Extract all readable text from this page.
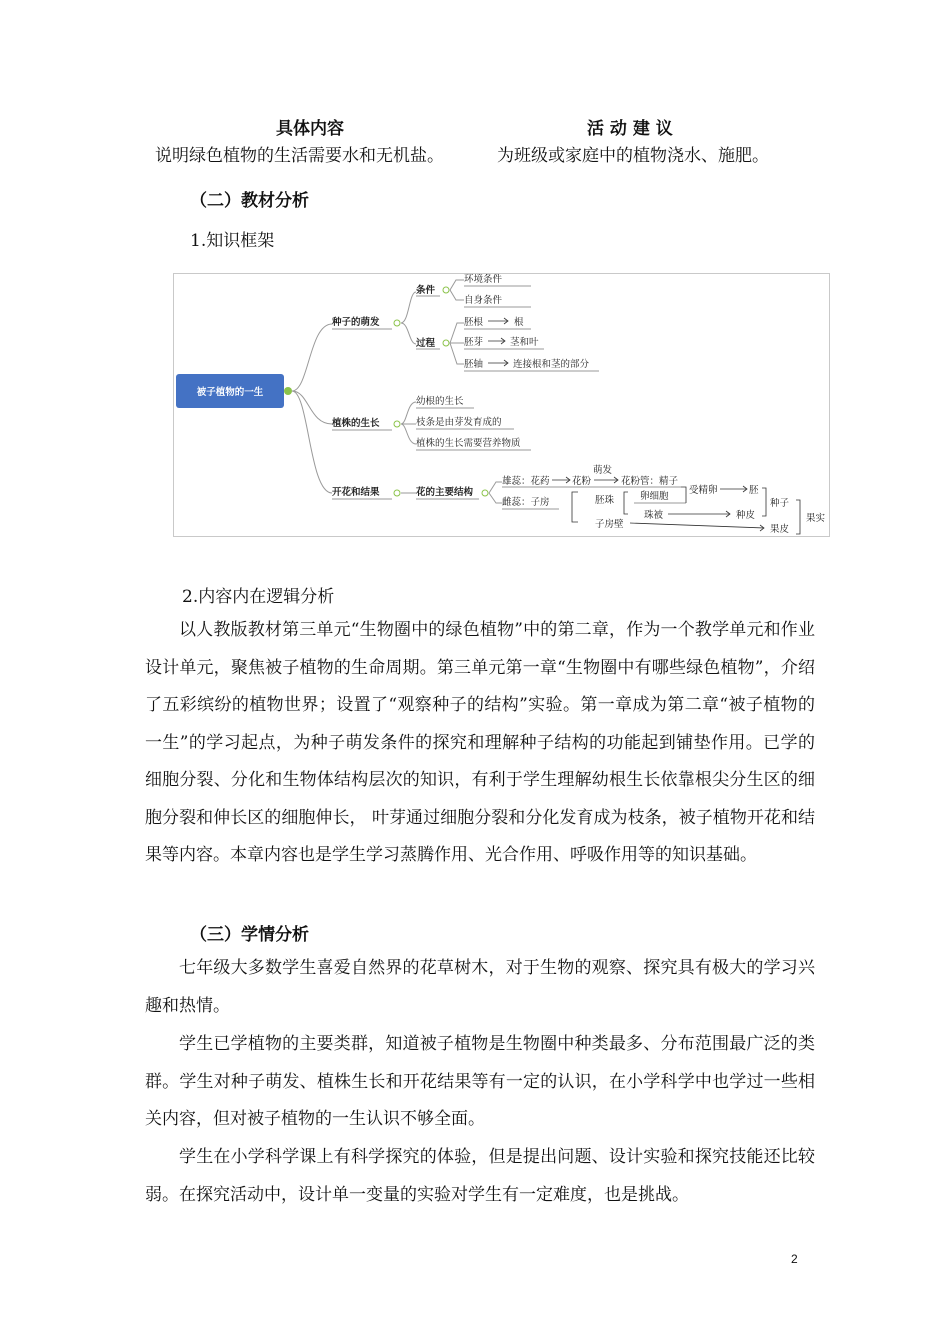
具体内容	活 动 建 议
说明绿色植物的生活需要水和无机盐。	为班级或家庭中的植物浇水、施肥。
（二）教材分析
1.知识框架
被子植物的一生
种子的萌发
条件
环境条件
自身条件
过程
胚根	根
胚芽	茎和叶
胚轴	连接根和茎的部分
植株的生长
幼根的生长
枝条是由芽发育成的
植株的生长需要营养物质
开花和结果	花的主要结构
雄蕊：花药 花粉
萌发
花粉管：精子
雌蕊：子房	胚珠	卵细胞
受精卵	胚
珠被	种皮
种子
子房壁	果皮
果实
2.内容内在逻辑分析

以人教版教材第三单元“生物圈中的绿色植物”中的第二章，作为一个教学单元和作业设计单元，聚焦被子植物的生命周期。第三单元第一章“生物圈中有哪些绿色植物”，介绍了五彩缤纷的植物世界；设置了“观察种子的结构”实验。第一章成为第二章“被子植物的一生”的学习起点，为种子萌发条件的探究和理解种子结构的功能起到铺垫作用。已学的细胞分裂、分化和生物体结构层次的知识，有利于学生理解幼根生长依靠根尖分生区的细胞分裂和伸长区的细胞伸长， 叶芽通过细胞分裂和分化发育成为枝条，被子植物开花和结果等内容。本章内容也是学生学习蒸腾作用、光合作用、呼吸作用等的知识基础。

（三）学情分析

七年级大多数学生喜爱自然界的花草树木，对于生物的观察、探究具有极大的学习兴趣和热情。

学生已学植物的主要类群，知道被子植物是生物圈中种类最多、分布范围最广泛的类群。学生对种子萌发、植株生长和开花结果等有一定的认识，在小学科学中也学过一些相关内容，但对被子植物的一生认识不够全面。

学生在小学科学课上有科学探究的体验，但是提出问题、设计实验和探究技能还比较弱。在探究活动中，设计单一变量的实验对学生有一定难度，也是挑战。

2
